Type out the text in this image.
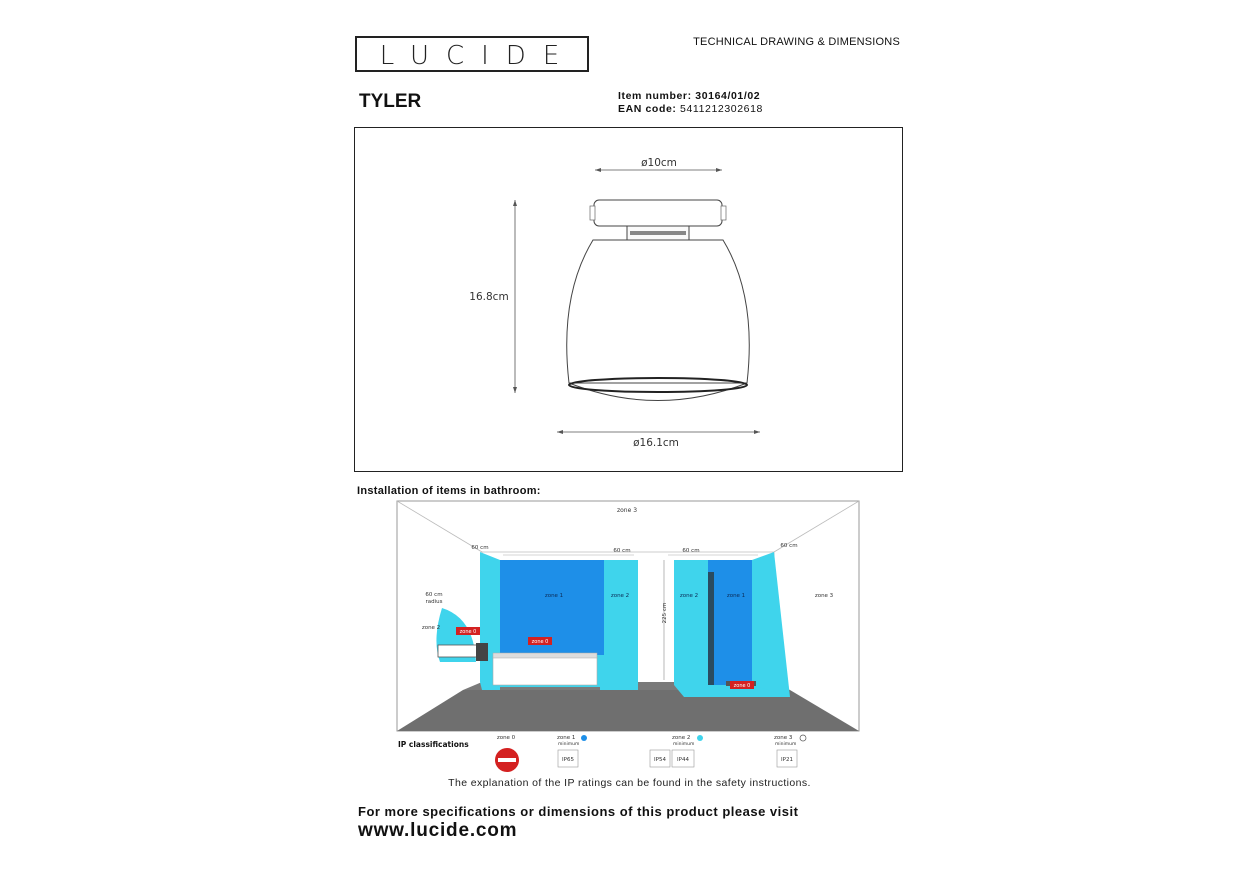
LUCIDE	TECHNICAL DRAWING & DIMENSIONS
TYLER	Item number: 30164/01/02
EAN code: 5411212302618
ø10cm
16.8cm
ø16.1cm
Installation of items in bathroom:
zone 3
60 cm	60 cm	60 cm
60 cm
60 cm
radius
225 cm
zone 1	zone 2	zone 2	zone 1	zone 3
zone 2
zone 0
zone 0
zone 0
IP classifications
zone 0	zone 1
minimum
IP65
zone 2
minimum
IP54 IP44
zone 3
minimum
IP21
The explanation of the IP ratings can be found in the safety instructions.
For more specifications or dimensions of this product please visit
www.lucide.com
